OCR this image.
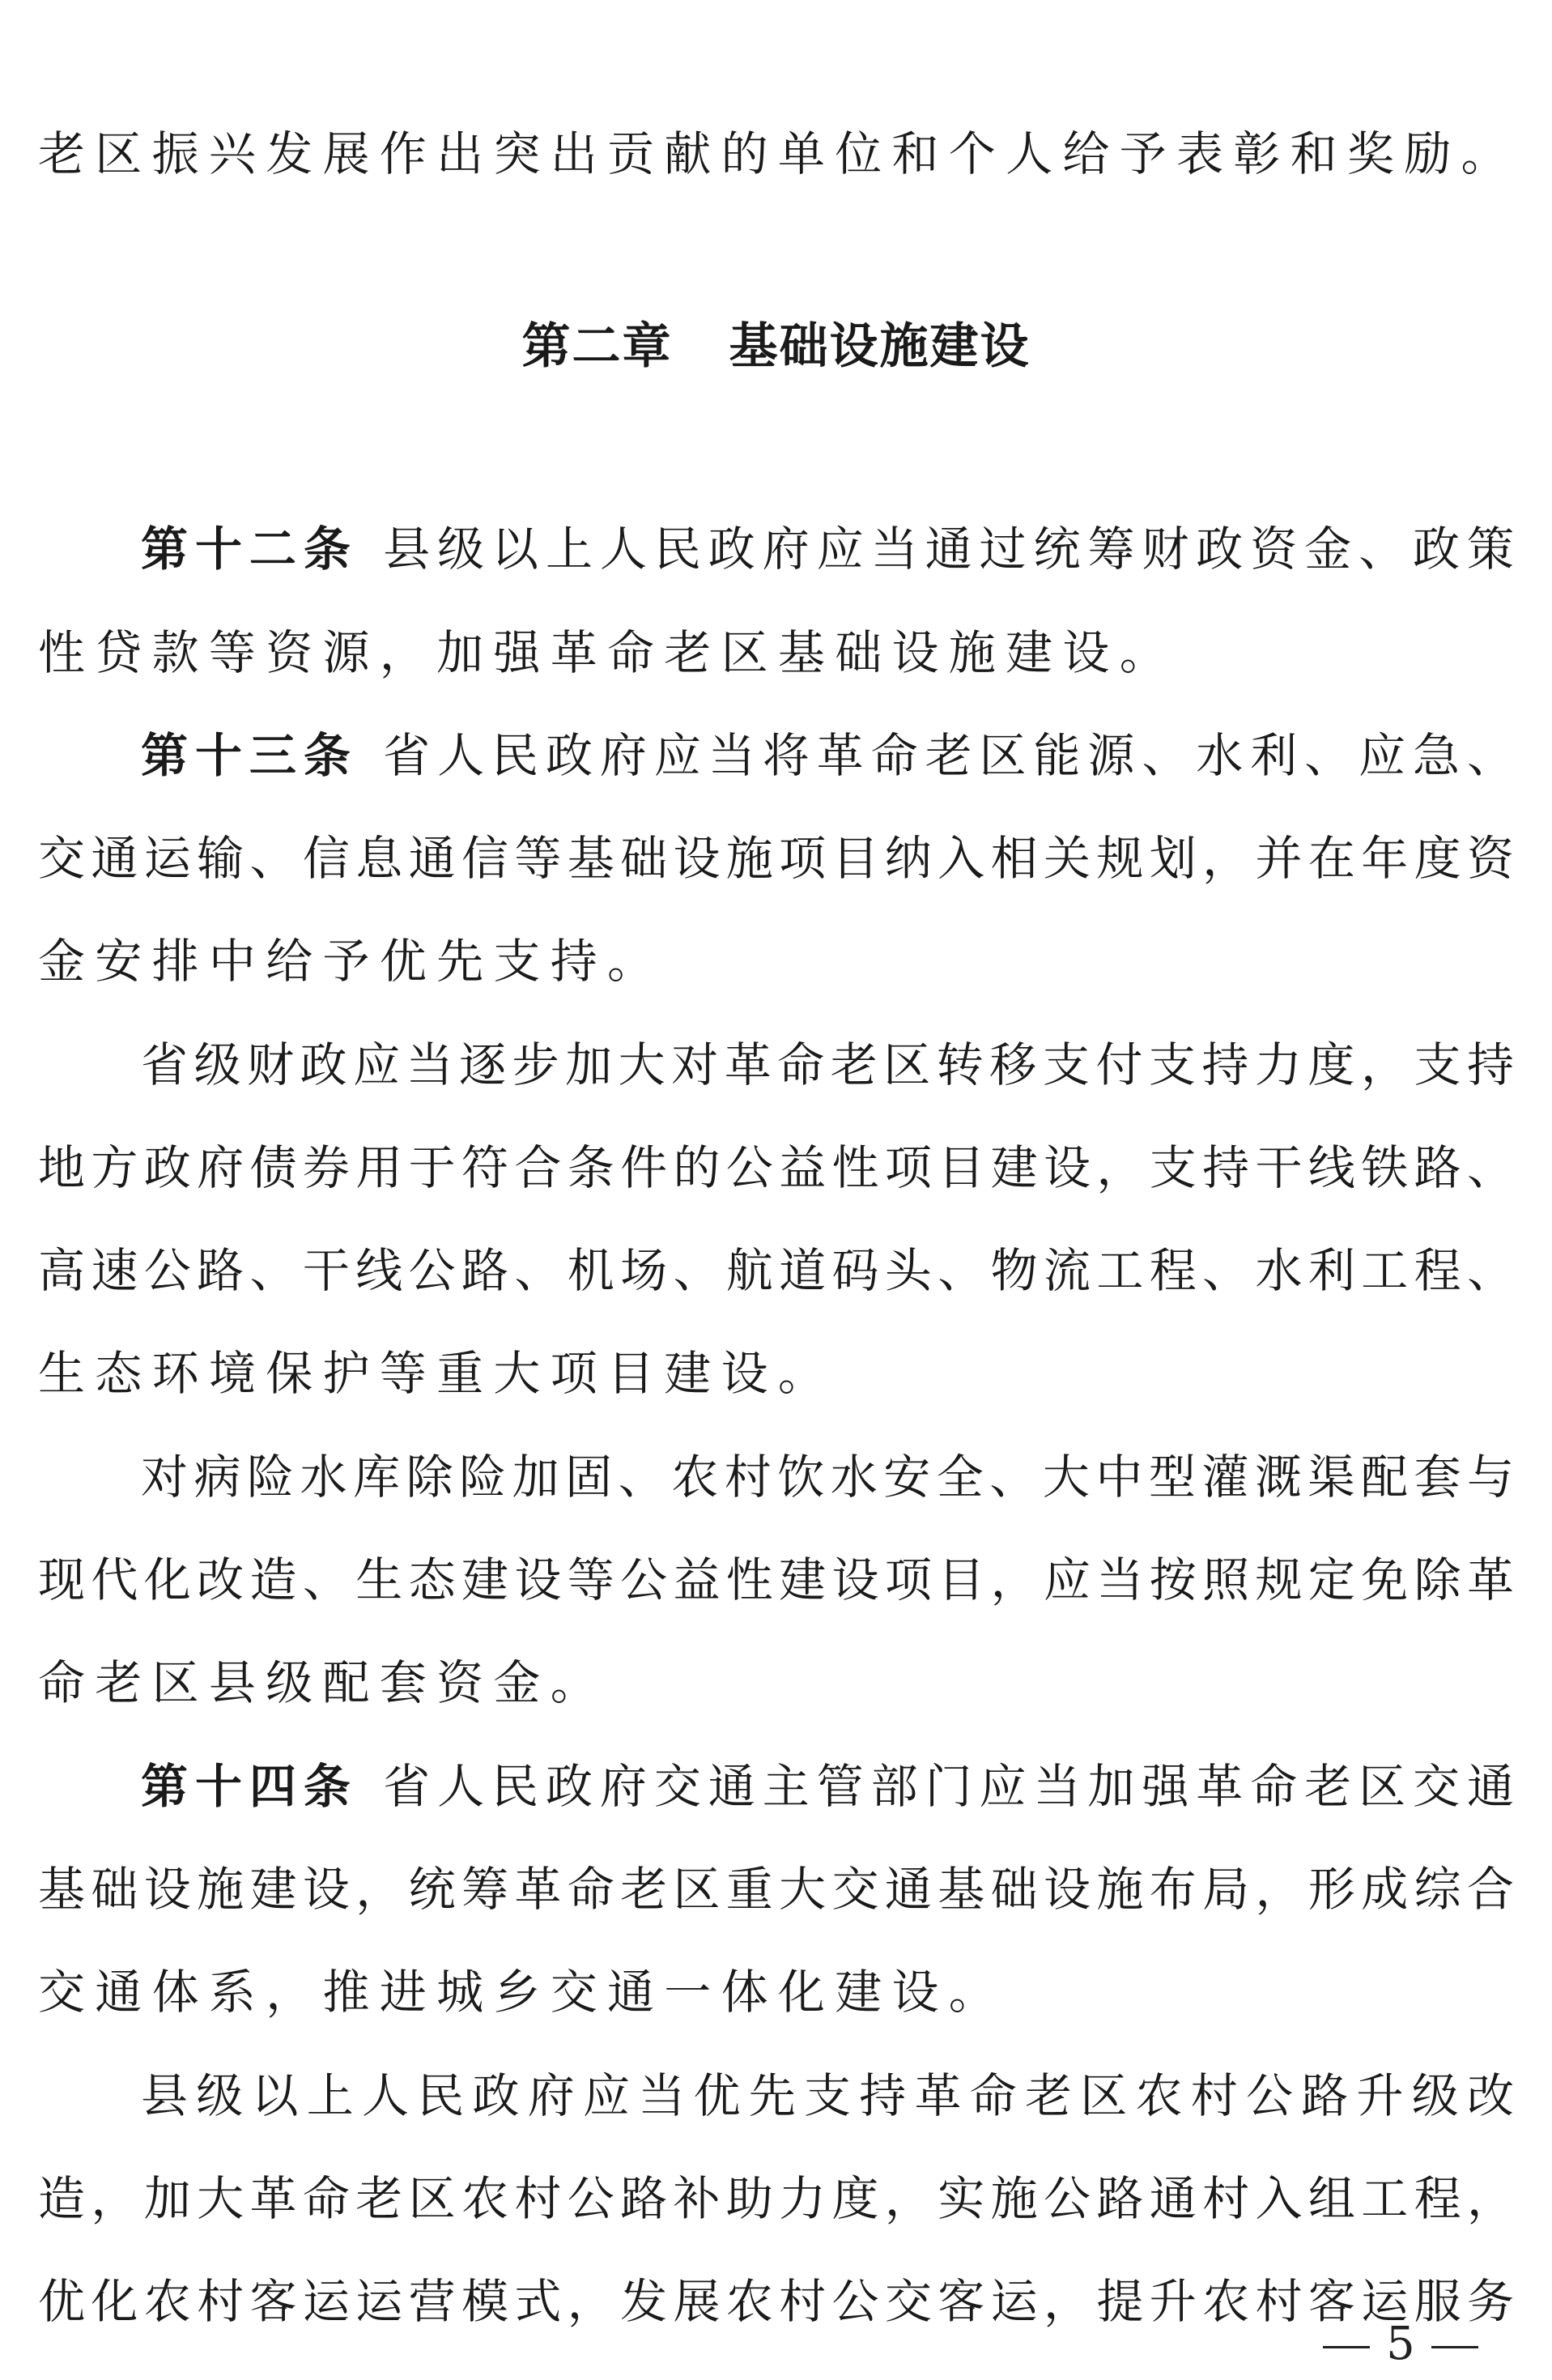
老区振兴发展作出突出贡献的单位和个人给予表彰和奖励。
第二章 基础设施建设
第十二条 县级以上人民政府应当通过统筹财政资金、政策
性贷款等资源，加强革命老区基础设施建设。
第十三条 省人民政府应当将革命老区能源、水利、应急、
交通运输、信息通信等基础设施项目纳入相关规划，并在年度资
金安排中给予优先支持。
省级财政应当逐步加大对革命老区转移支付支持力度，支持
地方政府债券用于符合条件的公益性项目建设，支持干线铁路、
高速公路、干线公路、机场、航道码头、物流工程、水利工程、
生态环境保护等重大项目建设。
对病险水库除险加固、农村饮水安全、大中型灌溉渠配套与
现代化改造、生态建设等公益性建设项目，应当按照规定免除革
命老区县级配套资金。
第十四条 省人民政府交通主管部门应当加强革命老区交通
基础设施建设，统筹革命老区重大交通基础设施布局，形成综合
交通体系，推进城乡交通一体化建设。
县级以上人民政府应当优先支持革命老区农村公路升级改
造，加大革命老区农村公路补助力度，实施公路通村入组工程，
优化农村客运运营模式，发展农村公交客运，提升农村客运服务
5
